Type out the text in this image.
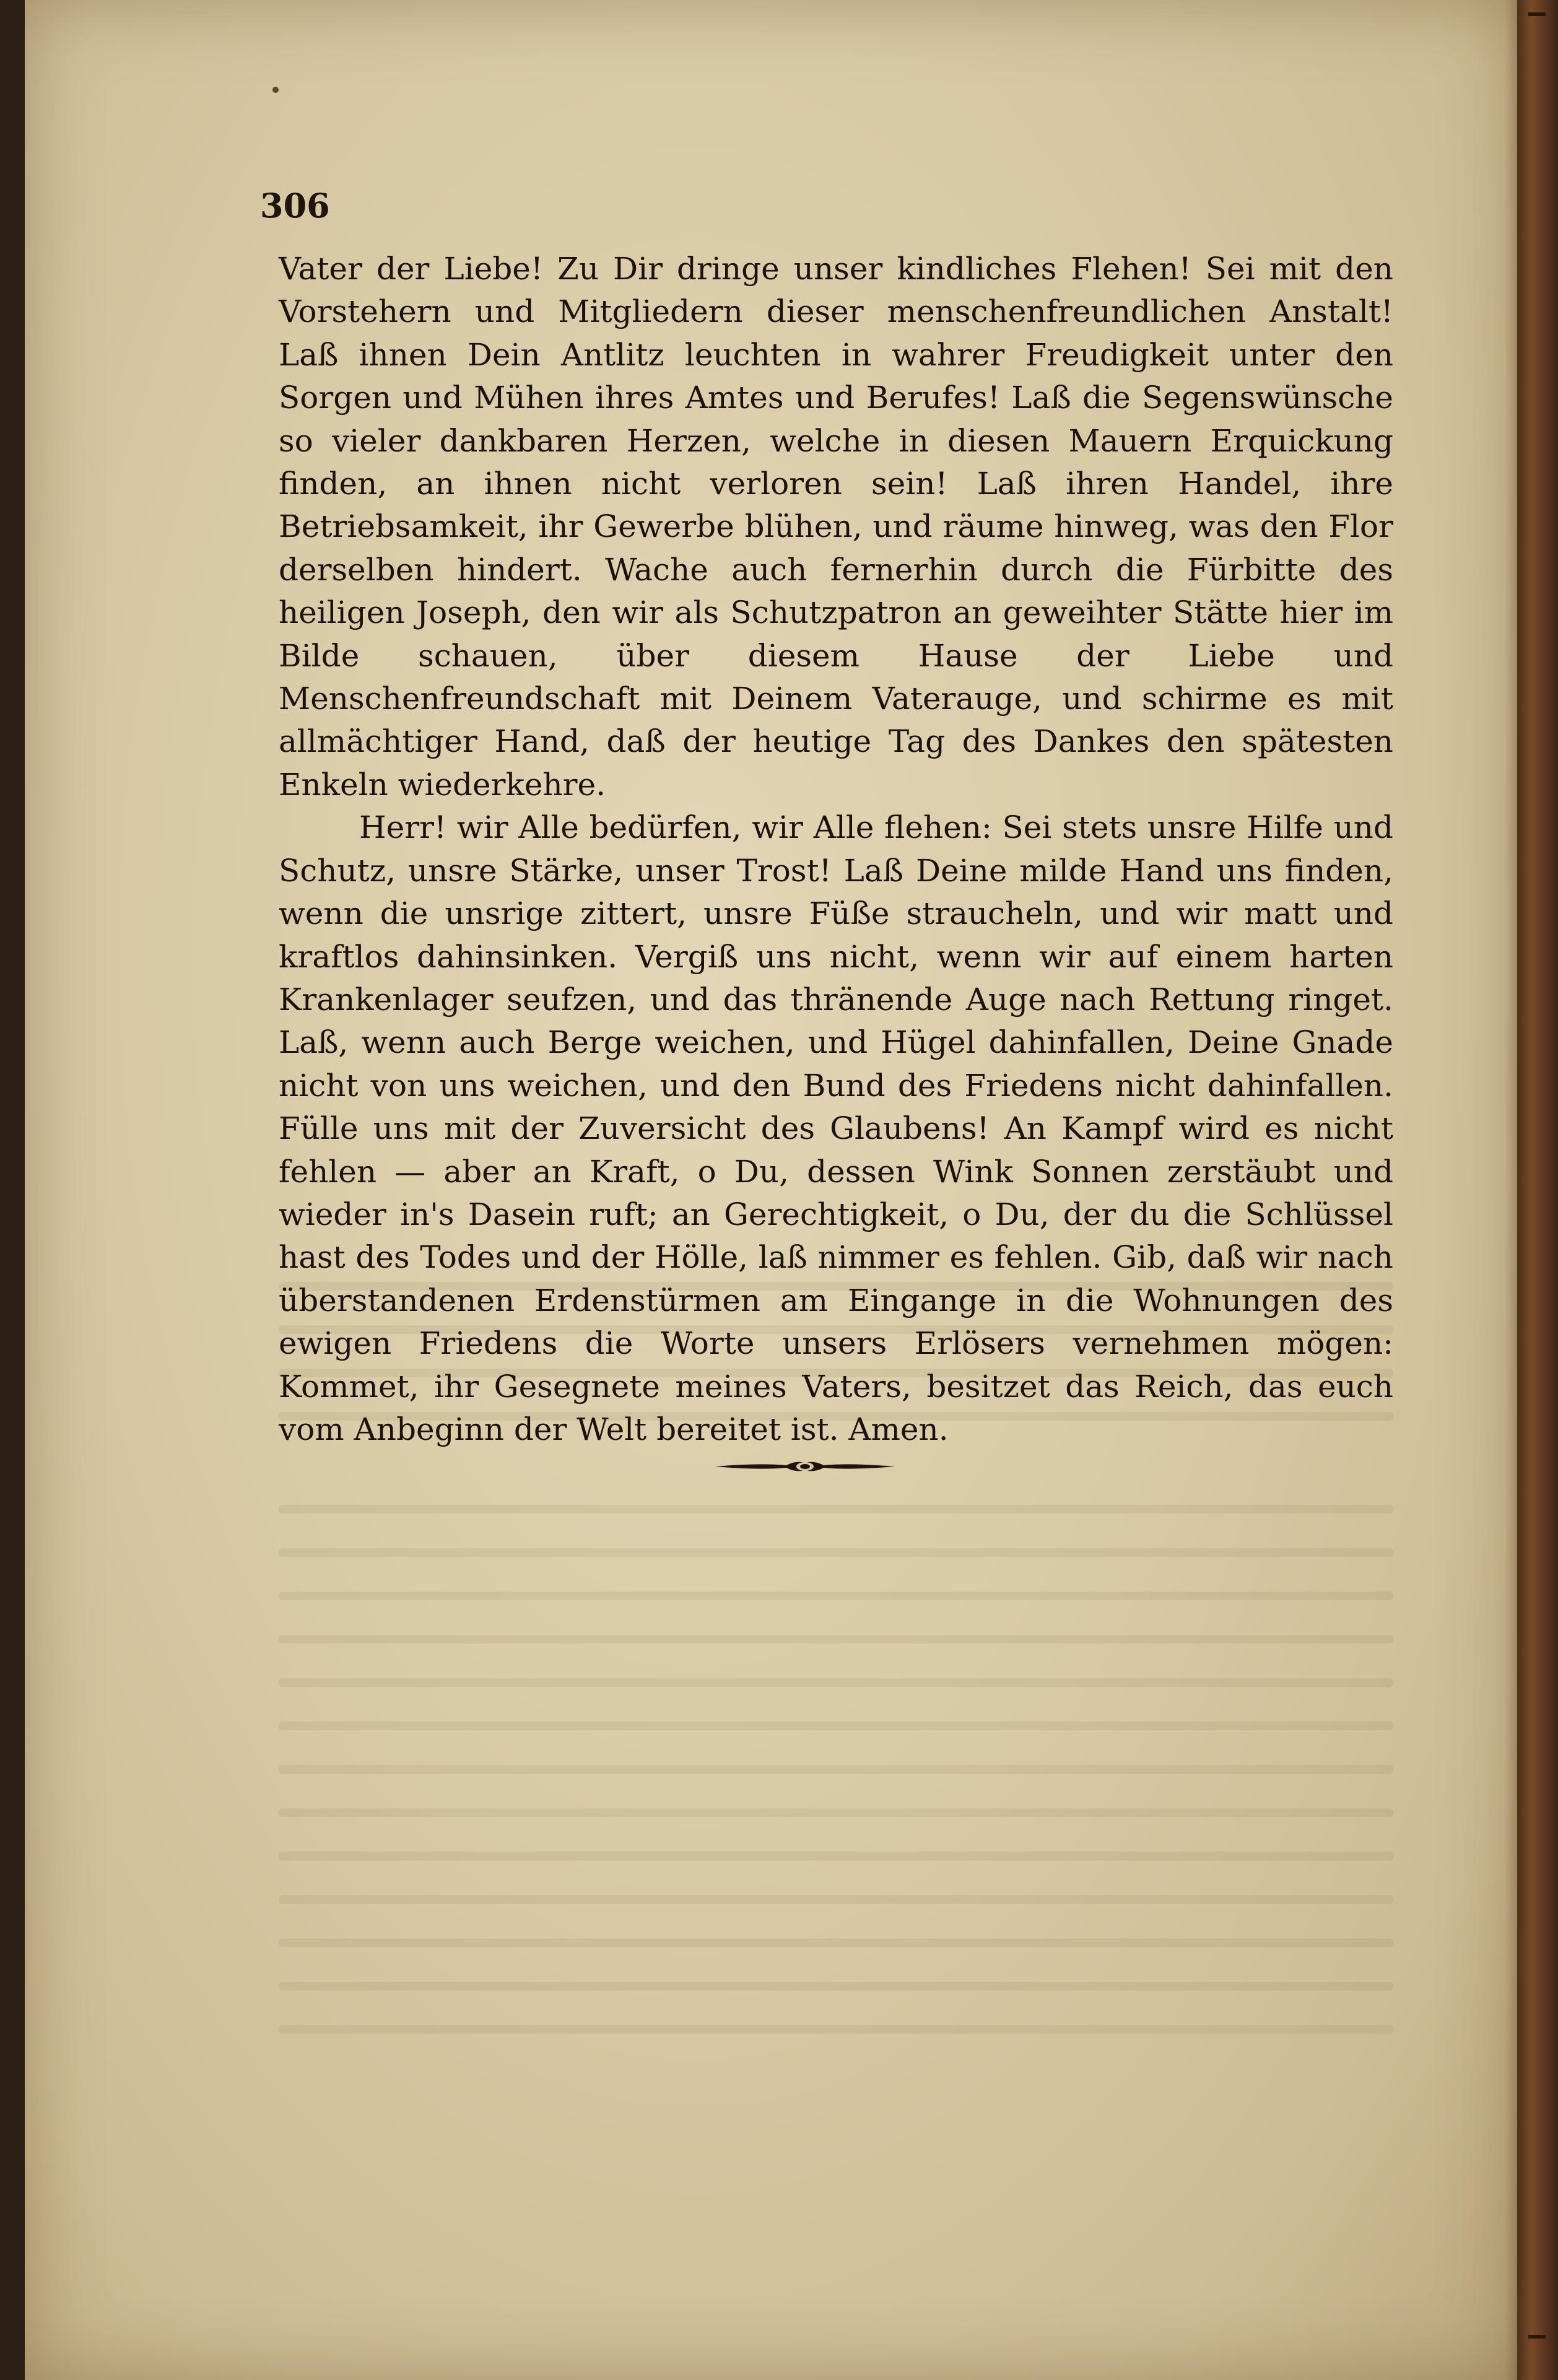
306

Vater der Liebe! Zu Dir dringe unser kindliches Flehen! Sei mit den Vorstehern und Mitgliedern dieser menschenfreundlichen Anstalt! Laß ihnen Dein Antlitz leuchten in wahrer Freudigkeit unter den Sorgen und Mühen ihres Amtes und Berufes! Laß die Segenswünsche so vieler dankbaren Herzen, welche in diesen Mauern Erquickung finden, an ihnen nicht verloren sein! Laß ihren Handel, ihre Betriebsamkeit, ihr Gewerbe blühen, und räume hinweg, was den Flor derselben hindert. Wache auch fernerhin durch die Fürbitte des heiligen Joseph, den wir als Schutzpatron an geweihter Stätte hier im Bilde schauen, über diesem Hause der Liebe und Menschenfreundschaft mit Deinem Vaterauge, und schirme es mit allmächtiger Hand, daß der heutige Tag des Dankes den spätesten Enkeln wiederkehre.

Herr! wir Alle bedürfen, wir Alle flehen: Sei stets unsre Hilfe und Schutz, unsre Stärke, unser Trost! Laß Deine milde Hand uns finden, wenn die unsrige zittert, unsre Füße straucheln, und wir matt und kraftlos dahinsinken. Vergiß uns nicht, wenn wir auf einem harten Krankenlager seufzen, und das thränende Auge nach Rettung ringet. Laß, wenn auch Berge weichen, und Hügel dahinfallen, Deine Gnade nicht von uns weichen, und den Bund des Friedens nicht dahinfallen. Fülle uns mit der Zuversicht des Glaubens! An Kampf wird es nicht fehlen — aber an Kraft, o Du, dessen Wink Sonnen zerstäubt und wieder in's Dasein ruft; an Gerechtigkeit, o Du, der du die Schlüssel hast des Todes und der Hölle, laß nimmer es fehlen. Gib, daß wir nach überstandenen Erdenstürmen am Eingange in die Wohnungen des ewigen Friedens die Worte unsers Erlösers vernehmen mögen: Kommet, ihr Gesegnete meines Vaters, besitzet das Reich, das euch vom Anbeginn der Welt bereitet ist. Amen.
